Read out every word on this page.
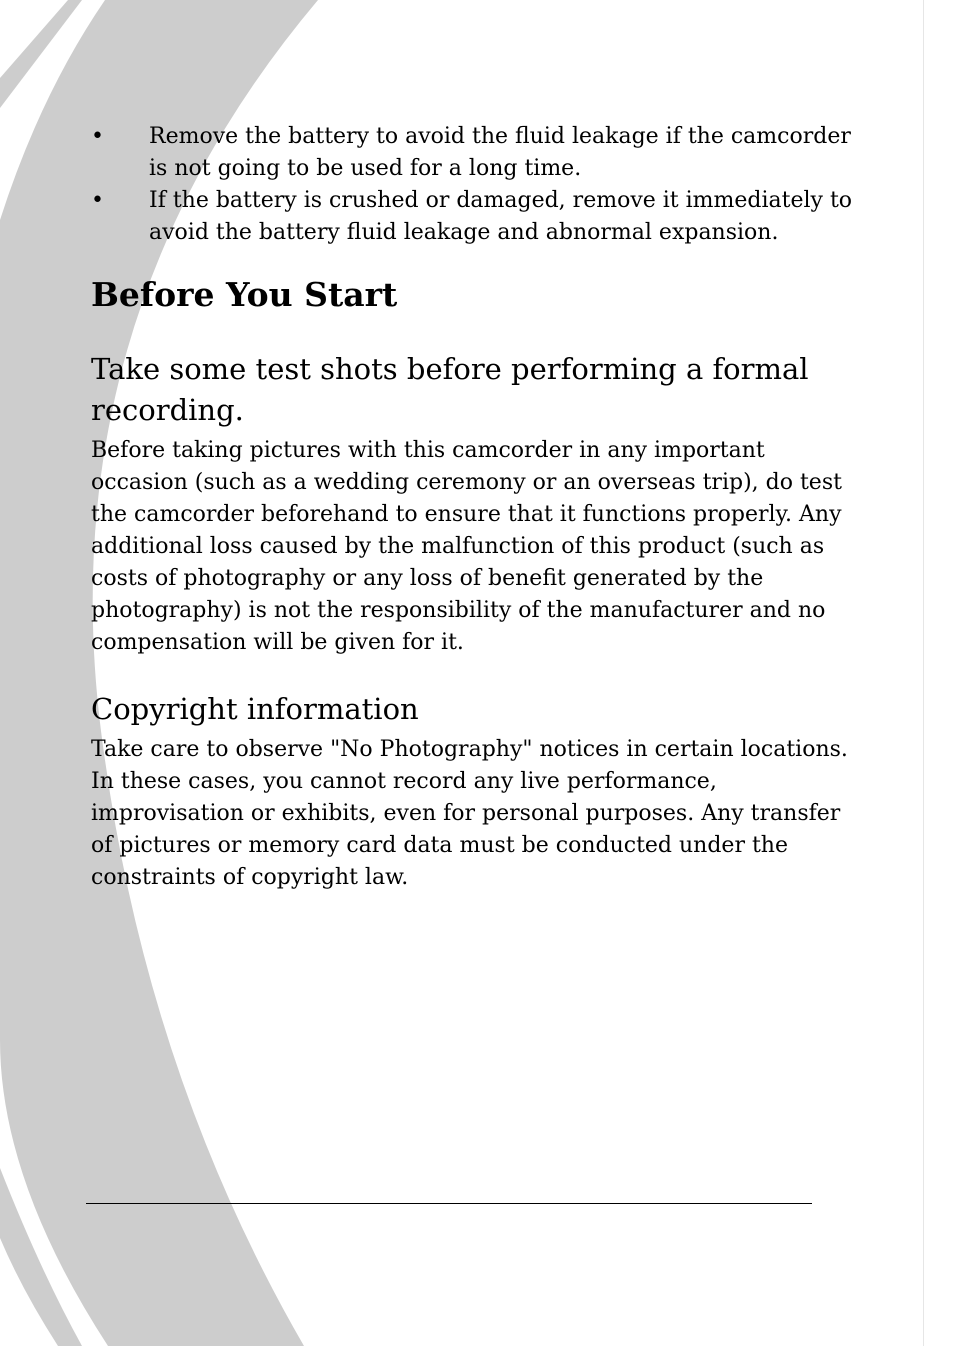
• Remove the battery to avoid the fluid leakage if the camcorder is not going to be used for a long time.
• If the battery is crushed or damaged, remove it immediately to avoid the battery fluid leakage and abnormal expansion.
Before You Start
Take some test shots before performing a formal recording.

Before taking pictures with this camcorder in any important occasion (such as a wedding ceremony or an overseas trip), do test the camcorder beforehand to ensure that it functions properly. Any additional loss caused by the malfunction of this product (such as costs of photography or any loss of benefit generated by the photography) is not the responsibility of the manufacturer and no compensation will be given for it.

Copyright information

Take care to observe "No Photography" notices in certain locations. In these cases, you cannot record any live performance, improvisation or exhibits, even for personal purposes. Any transfer of pictures or memory card data must be conducted under the constraints of copyright law.
